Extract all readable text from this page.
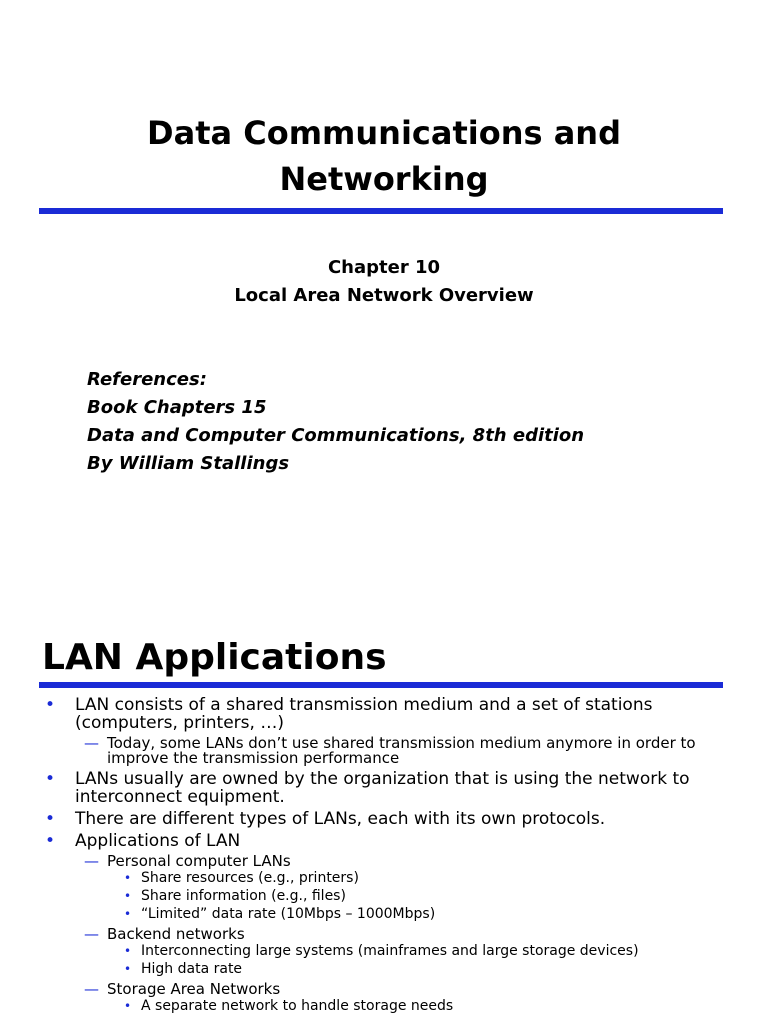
Data Communications and
Networking
Chapter 10
Local Area Network Overview
References:
Book Chapters 15
Data and Computer Communications, 8th edition
By William Stallings
LAN Applications
• LAN consists of a shared transmission medium and a set of stations
(computers, printers, …)
— Today, some LANs don’t use shared transmission medium anymore in order to
improve the transmission performance
• LANs usually are owned by the organization that is using the network to
interconnect equipment.
• There are different types of LANs, each with its own protocols.
• Applications of LAN
— Personal computer LANs
• Share resources (e.g., printers)
• Share information (e.g., files)
• “Limited” data rate (10Mbps – 1000Mbps)
— Backend networks
• Interconnecting large systems (mainframes and large storage devices)
• High data rate
— Storage Area Networks
• A separate network to handle storage needs
